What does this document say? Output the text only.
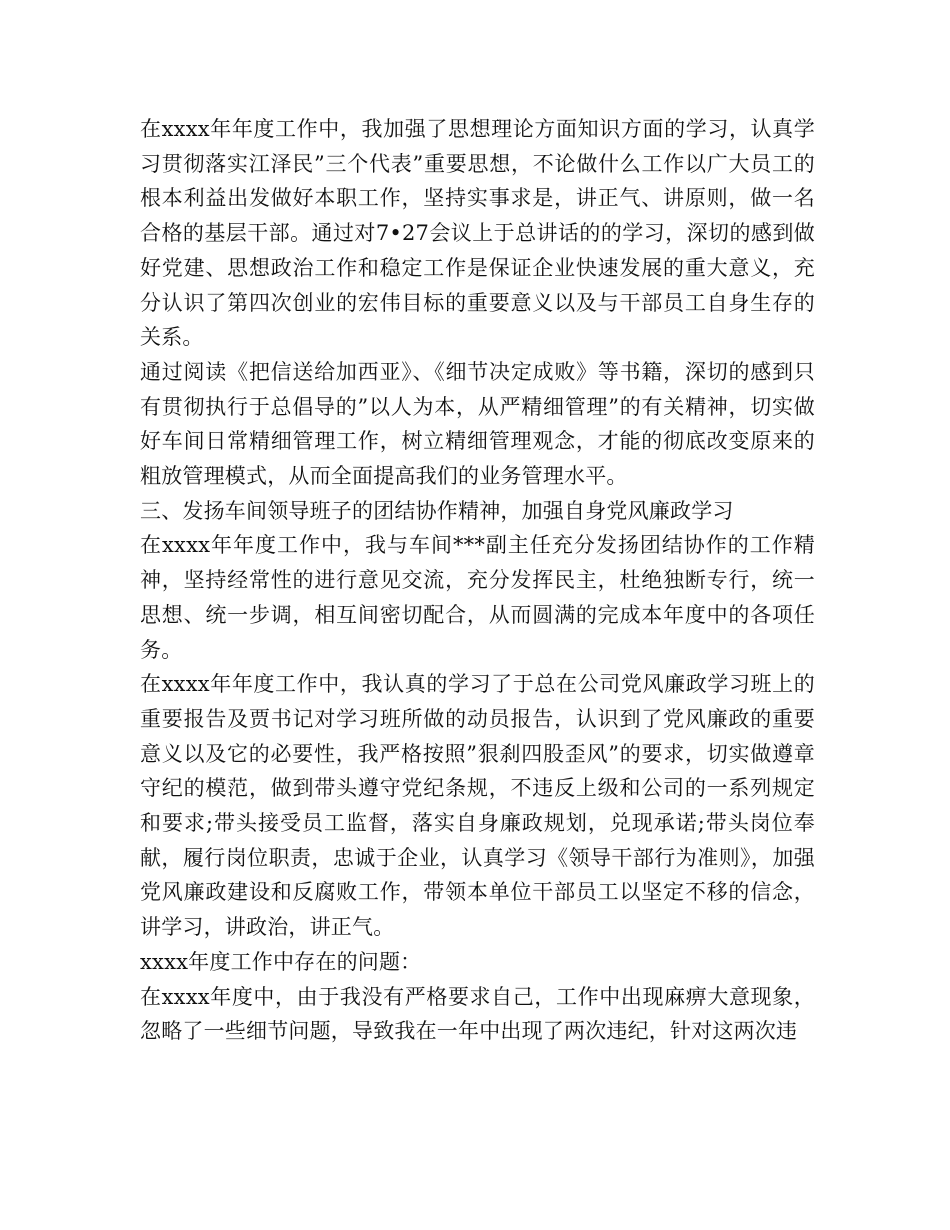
在xxxx年年度工作中，我加强了思想理论方面知识方面的学习，认真学习贯彻落实江泽民”三个代表”重要思想，不论做什么工作以广大员工的根本利益出发做好本职工作，坚持实事求是，讲正气、讲原则，做一名合格的基层干部。通过对7•27会议上于总讲话的的学习，深切的感到做好党建、思想政治工作和稳定工作是保证企业快速发展的重大意义，充分认识了第四次创业的宏伟目标的重要意义以及与干部员工自身生存的关系。

通过阅读《把信送给加西亚》、《细节决定成败》等书籍，深切的感到只有贯彻执行于总倡导的”以人为本，从严精细管理”的有关精神，切实做好车间日常精细管理工作，树立精细管理观念，才能的彻底改变原来的粗放管理模式，从而全面提高我们的业务管理水平。

三、发扬车间领导班子的团结协作精神，加强自身党风廉政学习

在xxxx年年度工作中，我与车间***副主任充分发扬团结协作的工作精神，坚持经常性的进行意见交流，充分发挥民主，杜绝独断专行，统一思想、统一步调，相互间密切配合，从而圆满的完成本年度中的各项任务。

在xxxx年年度工作中，我认真的学习了于总在公司党风廉政学习班上的重要报告及贾书记对学习班所做的动员报告，认识到了党风廉政的重要意义以及它的必要性，我严格按照”狠刹四股歪风”的要求，切实做遵章守纪的模范，做到带头遵守党纪条规，不违反上级和公司的一系列规定和要求;带头接受员工监督，落实自身廉政规划，兑现承诺;带头岗位奉献，履行岗位职责，忠诚于企业，认真学习《领导干部行为准则》，加强党风廉政建设和反腐败工作，带领本单位干部员工以坚定不移的信念，讲学习，讲政治，讲正气。

xxxx年度工作中存在的问题：

在xxxx年度中，由于我没有严格要求自己，工作中出现麻痹大意现象，忽略了一些细节问题，导致我在一年中出现了两次违纪，针对这两次违
